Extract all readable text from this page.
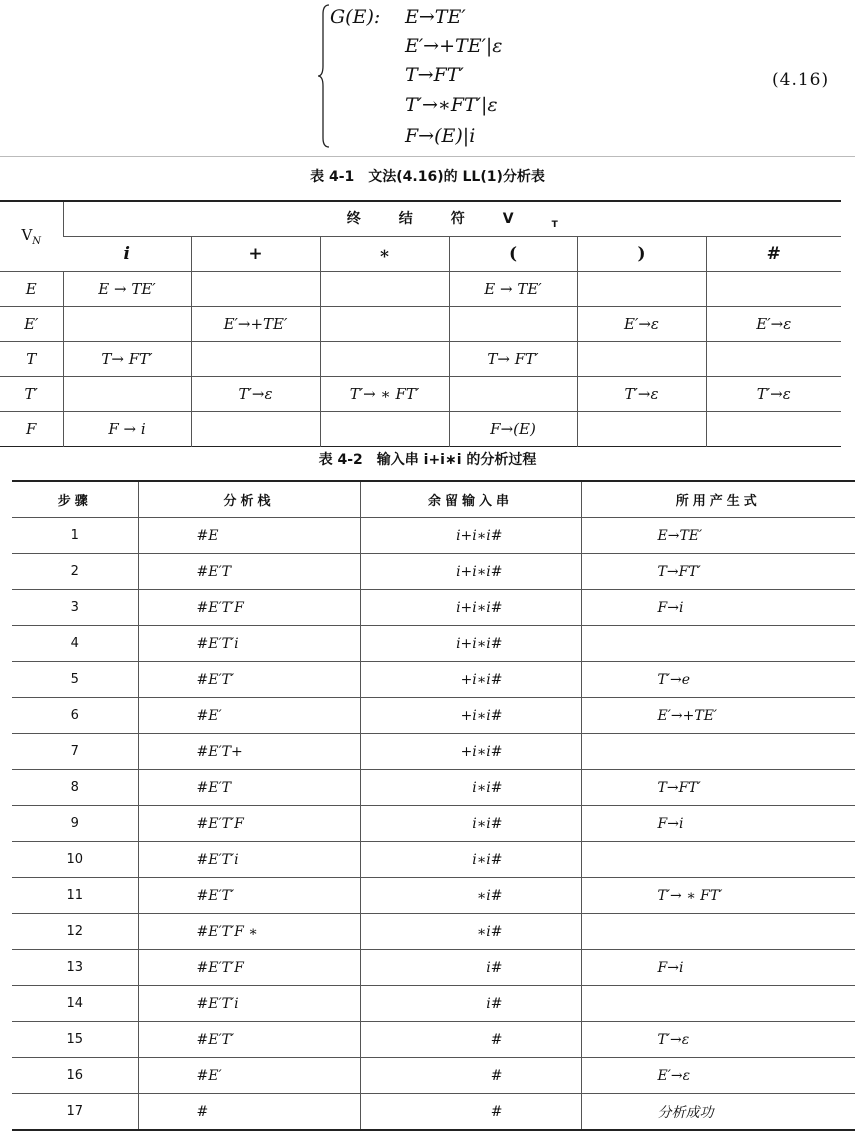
G(E): E→TE′
E′→+TE′|ε
T→FT′
T′→∗FT′|ε
F→(E)|i
(4.16)
表 4-1　文法(4.16)的 LL(1)分析表
$V_N$	终结符$V_T$
	i	+	∗	(	)	#
E	E → TE′			E → TE′		
E′		E′→+TE′			E′→ε	E′→ε
T	T→ FT′			T→ FT′		
T′		T′→ε	T′→ ∗ FT′		T′→ε	T′→ε
F	F → i			F→(E)		
表 4-2　输入串 i+i∗i 的分析过程
步骤	分析栈	余留输入串	所用产生式
1	#E	i+i∗i#	E→TE′
2	#E′T	i+i∗i#	T→FT′
3	#E′T′F	i+i∗i#	F→i
4	#E′T′i	i+i∗i#	
5	#E′T′	+i∗i#	T′→e
6	#E′	+i∗i#	E′→+TE′
7	#E′T+	+i∗i#	
8	#E′T	i∗i#	T→FT′
9	#E′T′F	i∗i#	F→i
10	#E′T′i	i∗i#	
11	#E′T′	∗i#	T′→ ∗ FT′
12	#E′T′F ∗	∗i#	
13	#E′T′F	i#	F→i
14	#E′T′i	i#	
15	#E′T′	#	T′→ε
16	#E′	#	E′→ε
17	#	#	分析成功
